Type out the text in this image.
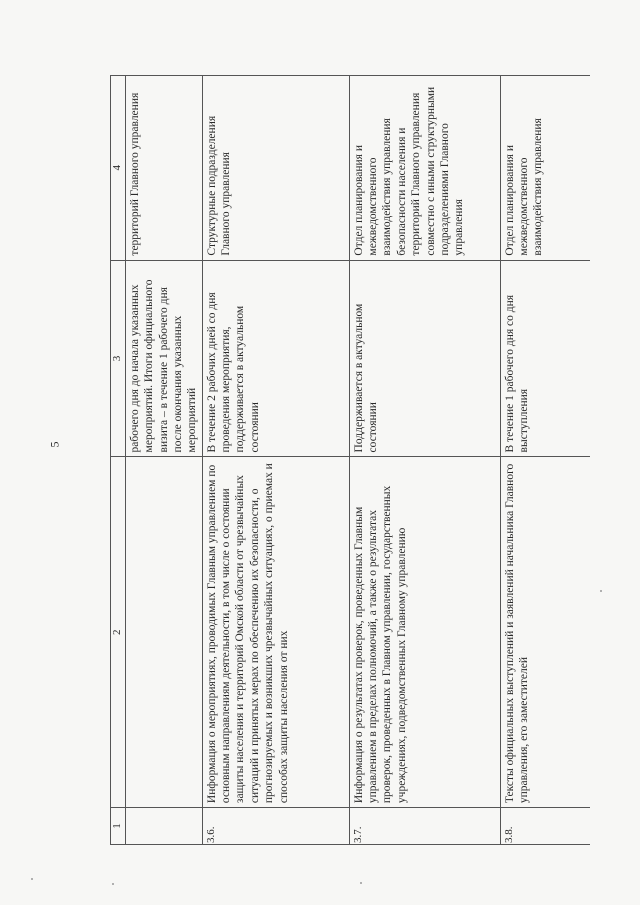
5
1	2	3	4
		рабочего дня до начала указанных мероприятий. Итоги официального визита – в течение 1 рабочего дня после окончания указанных мероприятий	территорий Главного управления
3.6.	Информация о мероприятиях, проводимых Главным управлением по основным направлениям деятельности, в том числе о состоянии защиты населения и территорий Омской области от чрезвычайных ситуаций и принятых мерах по обеспечению их безопасности, о прогнозируемых и возникших чрезвычайных ситуациях, о приемах и способах защиты населения от них	В течение 2 рабочих дней со дня проведения мероприятия, поддерживается в актуальном состоянии	Структурные подразделения Главного управления
3.7.	Информация о результатах проверок, проведенных Главным управлением в пределах полномочий, а также о результатах проверок, проведенных в Главном управлении, государственных учреждениях, подведомственных Главному управлению	Поддерживается в актуальном состоянии	Отдел планирования и межведомственного взаимодействия управления безопасности населения и территорий Главного управления совместно с иными структурными подразделениями Главного управления
3.8.	Тексты официальных выступлений и заявлений начальника Главного управления, его заместителей	В течение 1 рабочего дня со дня выступления	Отдел планирования и межведомственного взаимодействия управления
